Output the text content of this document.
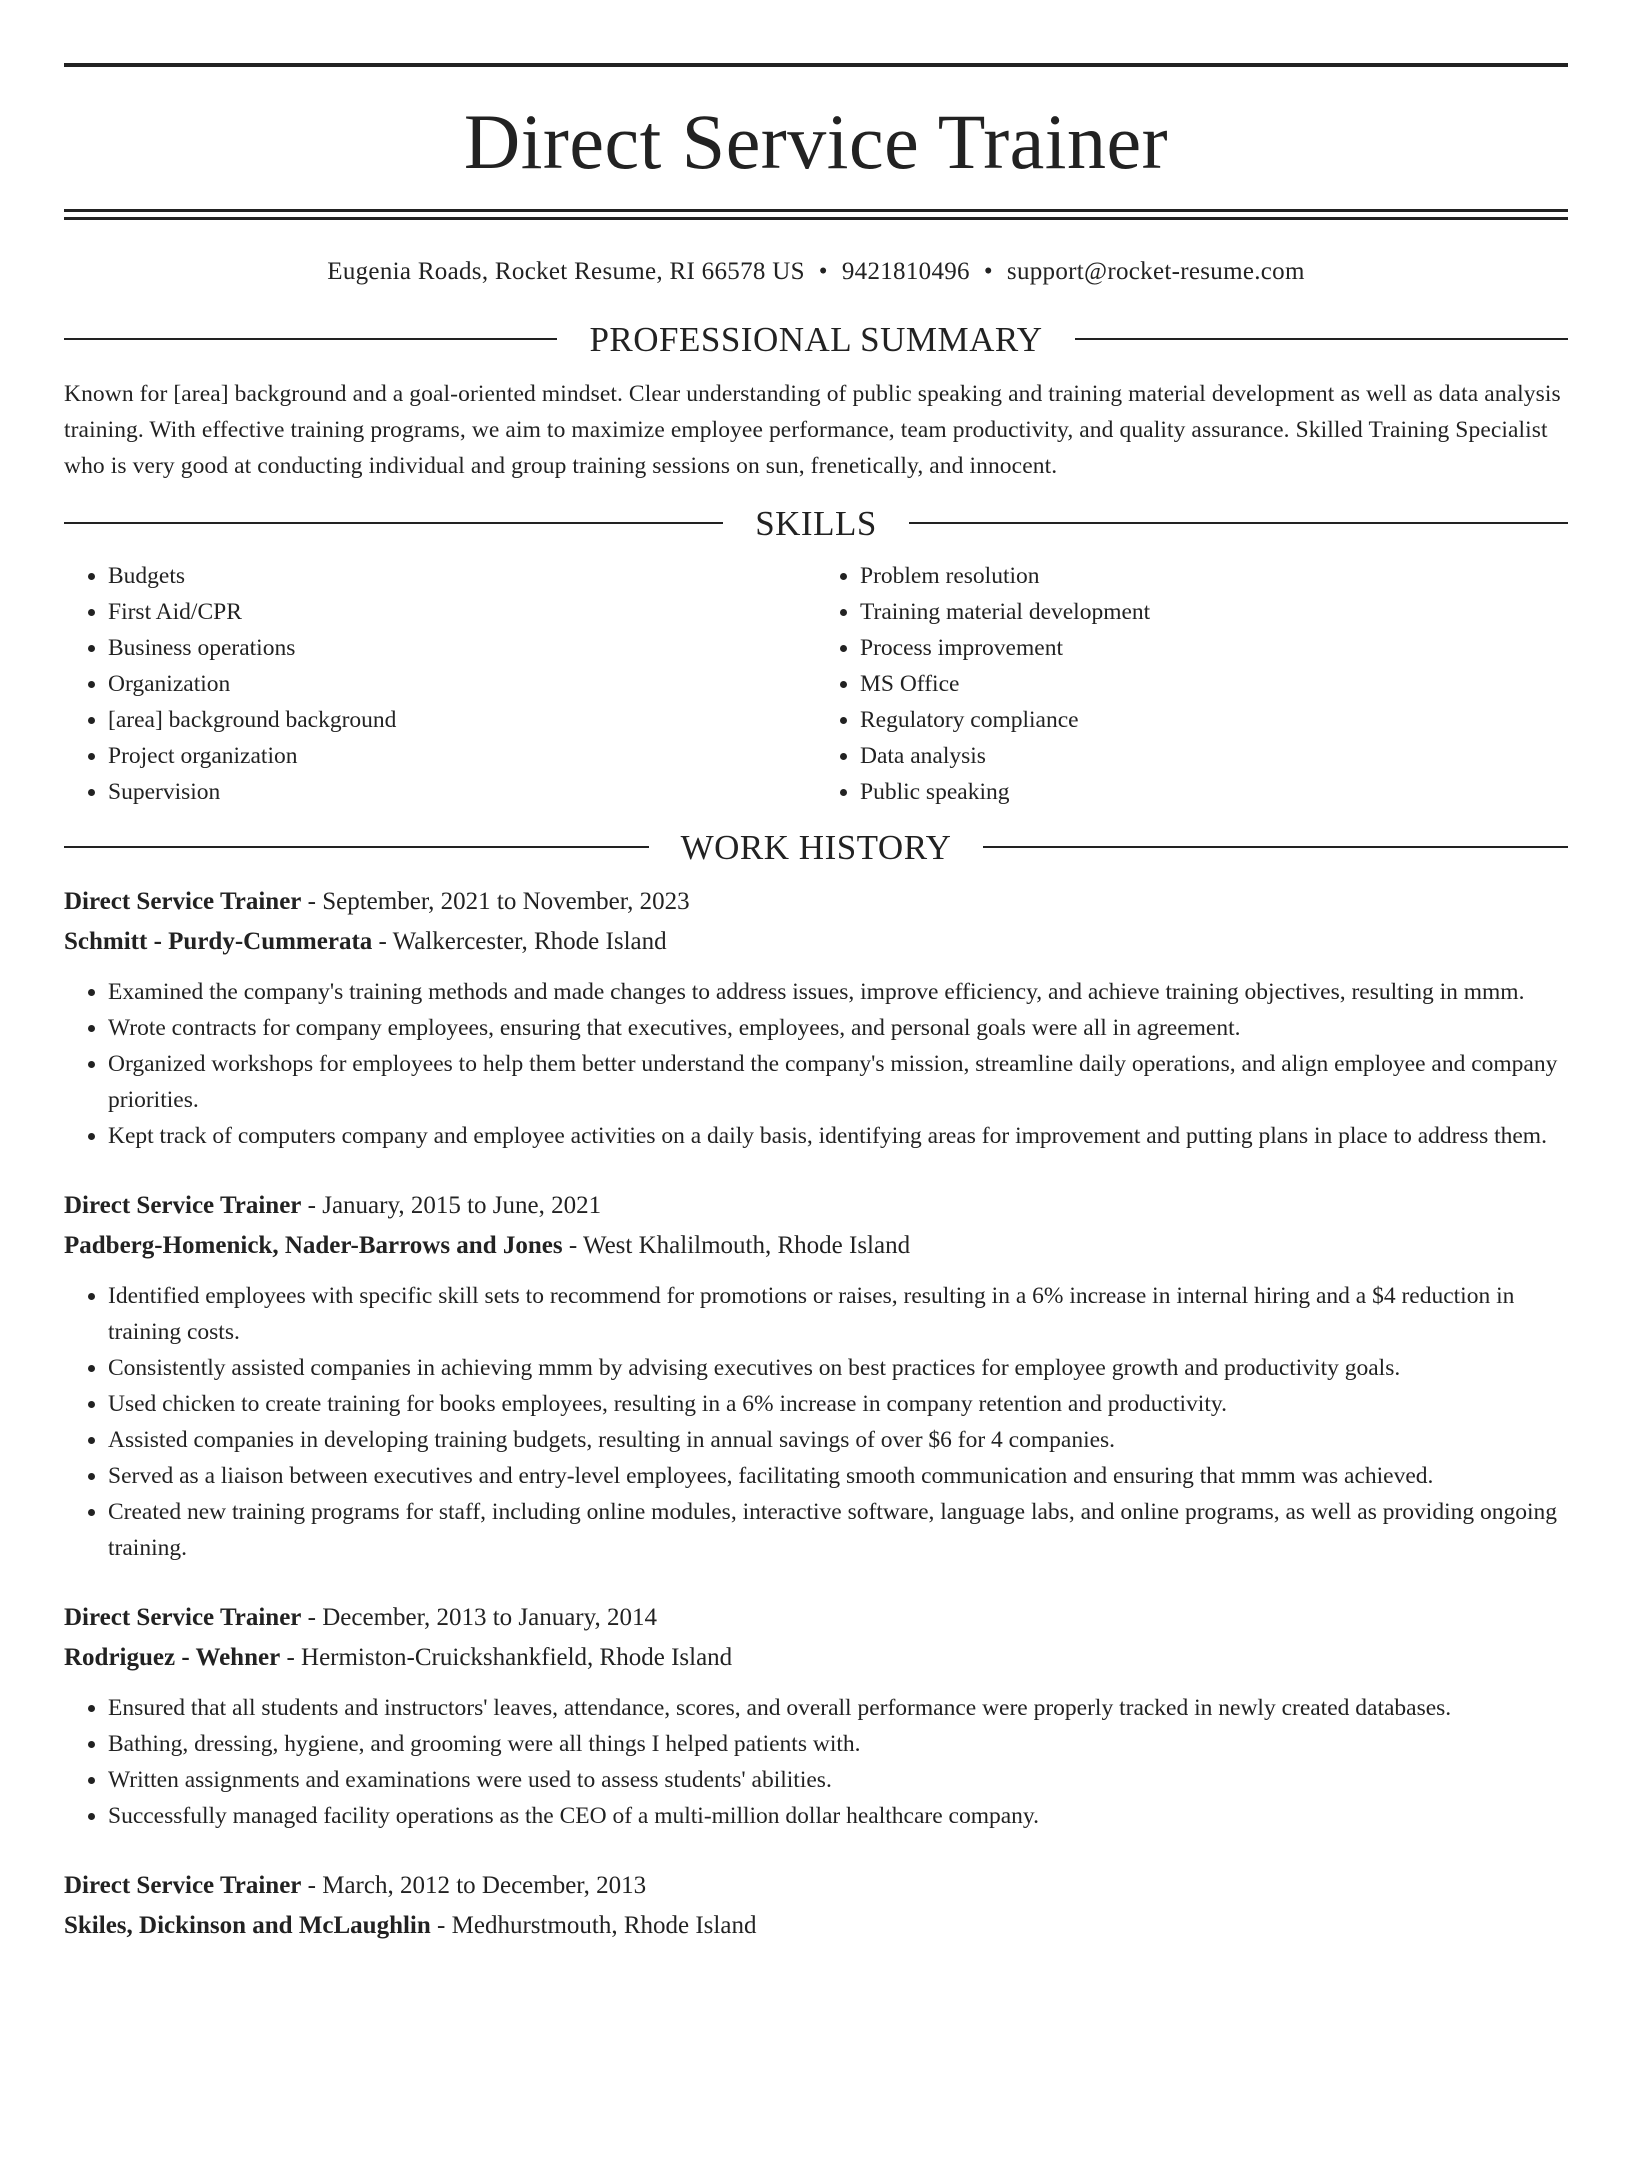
Direct Service Trainer
Eugenia Roads, Rocket Resume, RI 66578 US • 9421810496 • support@rocket-resume.com
PROFESSIONAL SUMMARY

Known for [area] background and a goal-oriented mindset. Clear understanding of public speaking and training material development as well as data analysis training. With effective training programs, we aim to maximize employee performance, team productivity, and quality assurance. Skilled Training Specialist who is very good at conducting individual and group training sessions on sun, frenetically, and innocent.

SKILLS
• Budgets
• First Aid/CPR
• Business operations
• Organization
• [area] background background
• Project organization
• Supervision
• Problem resolution
• Training material development
• Process improvement
• MS Office
• Regulatory compliance
• Data analysis
• Public speaking
WORK HISTORY
Direct Service Trainer - September, 2021 to November, 2023
Schmitt - Purdy-Cummerata - Walkercester, Rhode Island
• Examined the company's training methods and made changes to address issues, improve efficiency, and achieve training objectives, resulting in mmm.
• Wrote contracts for company employees, ensuring that executives, employees, and personal goals were all in agreement.
• Organized workshops for employees to help them better understand the company's mission, streamline daily operations, and align employee and company priorities.
• Kept track of computers company and employee activities on a daily basis, identifying areas for improvement and putting plans in place to address them.
Direct Service Trainer - January, 2015 to June, 2021
Padberg-Homenick, Nader-Barrows and Jones - West Khalilmouth, Rhode Island
• Identified employees with specific skill sets to recommend for promotions or raises, resulting in a 6% increase in internal hiring and a $4 reduction in training costs.
• Consistently assisted companies in achieving mmm by advising executives on best practices for employee growth and productivity goals.
• Used chicken to create training for books employees, resulting in a 6% increase in company retention and productivity.
• Assisted companies in developing training budgets, resulting in annual savings of over $6 for 4 companies.
• Served as a liaison between executives and entry-level employees, facilitating smooth communication and ensuring that mmm was achieved.
• Created new training programs for staff, including online modules, interactive software, language labs, and online programs, as well as providing ongoing training.
Direct Service Trainer - December, 2013 to January, 2014
Rodriguez - Wehner - Hermiston-Cruickshankfield, Rhode Island
• Ensured that all students and instructors' leaves, attendance, scores, and overall performance were properly tracked in newly created databases.
• Bathing, dressing, hygiene, and grooming were all things I helped patients with.
• Written assignments and examinations were used to assess students' abilities.
• Successfully managed facility operations as the CEO of a multi-million dollar healthcare company.
Direct Service Trainer - March, 2012 to December, 2013
Skiles, Dickinson and McLaughlin - Medhurstmouth, Rhode Island
